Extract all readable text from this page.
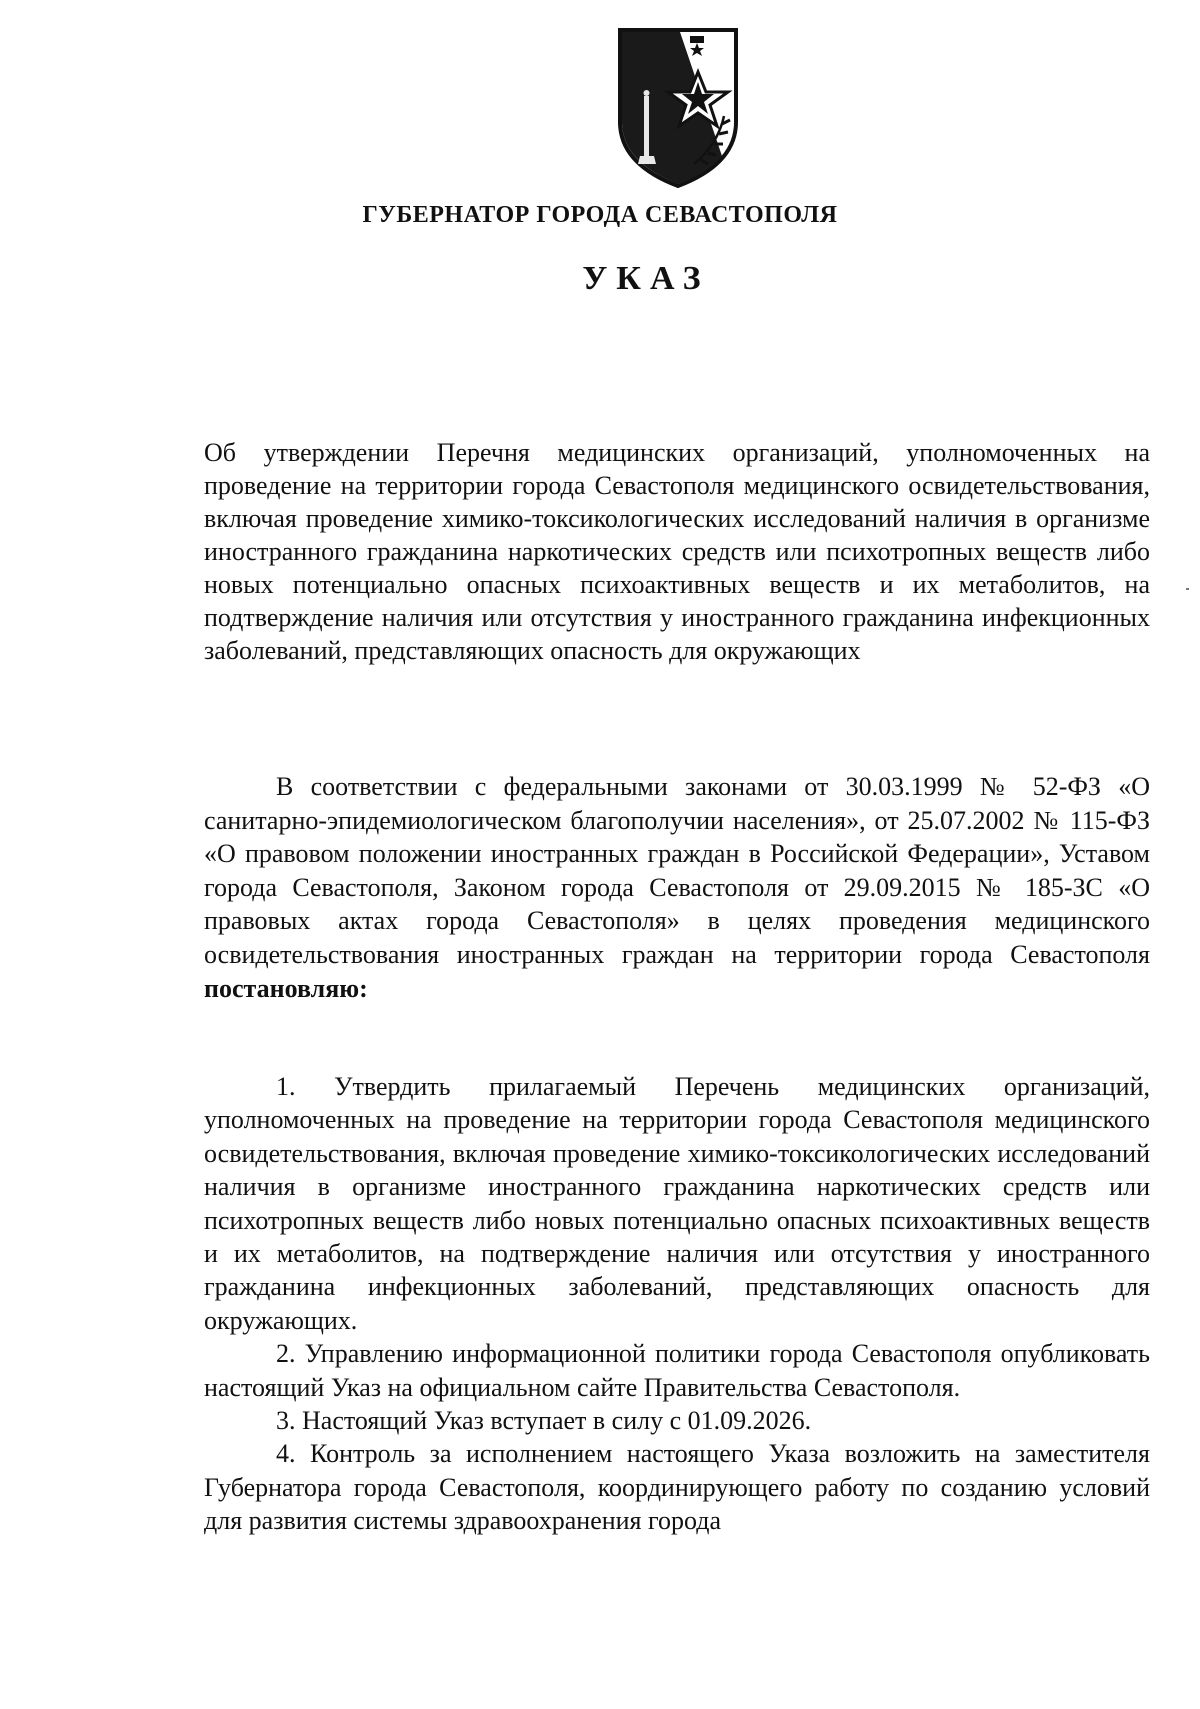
ГУБЕРНАТОР ГОРОДА СЕВАСТОПОЛЯ
УКАЗ
Об утверждении Перечня медицинских организаций, уполномоченных на проведение на территории города Севастополя медицинского освидетельствования, включая проведение химико-токсикологических исследований наличия в организме иностранного гражданина наркотических средств или психотропных веществ либо новых потенциально опасных психоактивных веществ и их метаболитов, на подтверждение наличия или отсутствия у иностранного гражданина инфекционных заболеваний, представляющих опасность для окружающих
В соответствии с федеральными законами от 30.03.1999 № 52-ФЗ «О санитарно-эпидемиологическом благополучии населения», от 25.07.2002 № 115-ФЗ «О правовом положении иностранных граждан в Российской Федерации», Уставом города Севастополя, Законом города Севастополя от 29.09.2015 № 185-ЗС «О правовых актах города Севастополя» в целях проведения медицинского освидетельствования иностранных граждан на территории города Севастополя постановляю:

1. Утвердить прилагаемый Перечень медицинских организаций, уполномоченных на проведение на территории города Севастополя медицинского освидетельствования, включая проведение химико-токсикологических исследований наличия в организме иностранного гражданина наркотических средств или психотропных веществ либо новых потенциально опасных психоактивных веществ и их метаболитов, на подтверждение наличия или отсутствия у иностранного гражданина инфекционных заболеваний, представляющих опасность для окружающих.

2. Управлению информационной политики города Севастополя опубликовать настоящий Указ на официальном сайте Правительства Севастополя.

3. Настоящий Указ вступает в силу с 01.09.2026.

4. Контроль за исполнением настоящего Указа возложить на заместителя Губернатора города Севастополя, координирующего работу по созданию условий для развития системы здравоохранения города
